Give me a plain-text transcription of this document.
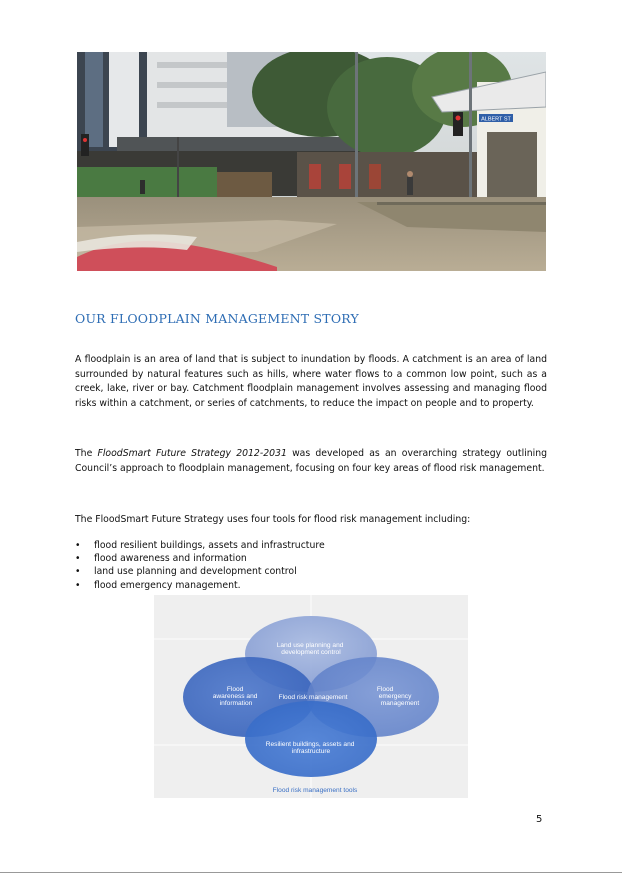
ALBERT ST
OUR FLOODPLAIN MANAGEMENT STORY

A floodplain is an area of land that is subject to inundation by floods. A catchment is an area of land surrounded by natural features such as hills, where water flows to a common low point, such as a creek, lake, river or bay. Catchment floodplain management involves assessing and managing flood risks within a catchment, or series of catchments, to reduce the impact on people and to property.

The FloodSmart Future Strategy 2012-2031 was developed as an overarching strategy outlining Council’s approach to floodplain management, focusing on four key areas of flood risk management.

The FloodSmart Future Strategy uses four tools for flood risk management including:

• flood resilient buildings, assets and infrastructure
• flood awareness and information
• land use planning and development control
• flood emergency management.
Land use planning and development control
Flood awareness and information
Flood risk management
Flood emergency management
Resilient buildings, assets and infrastructure
Flood risk management tools
5
